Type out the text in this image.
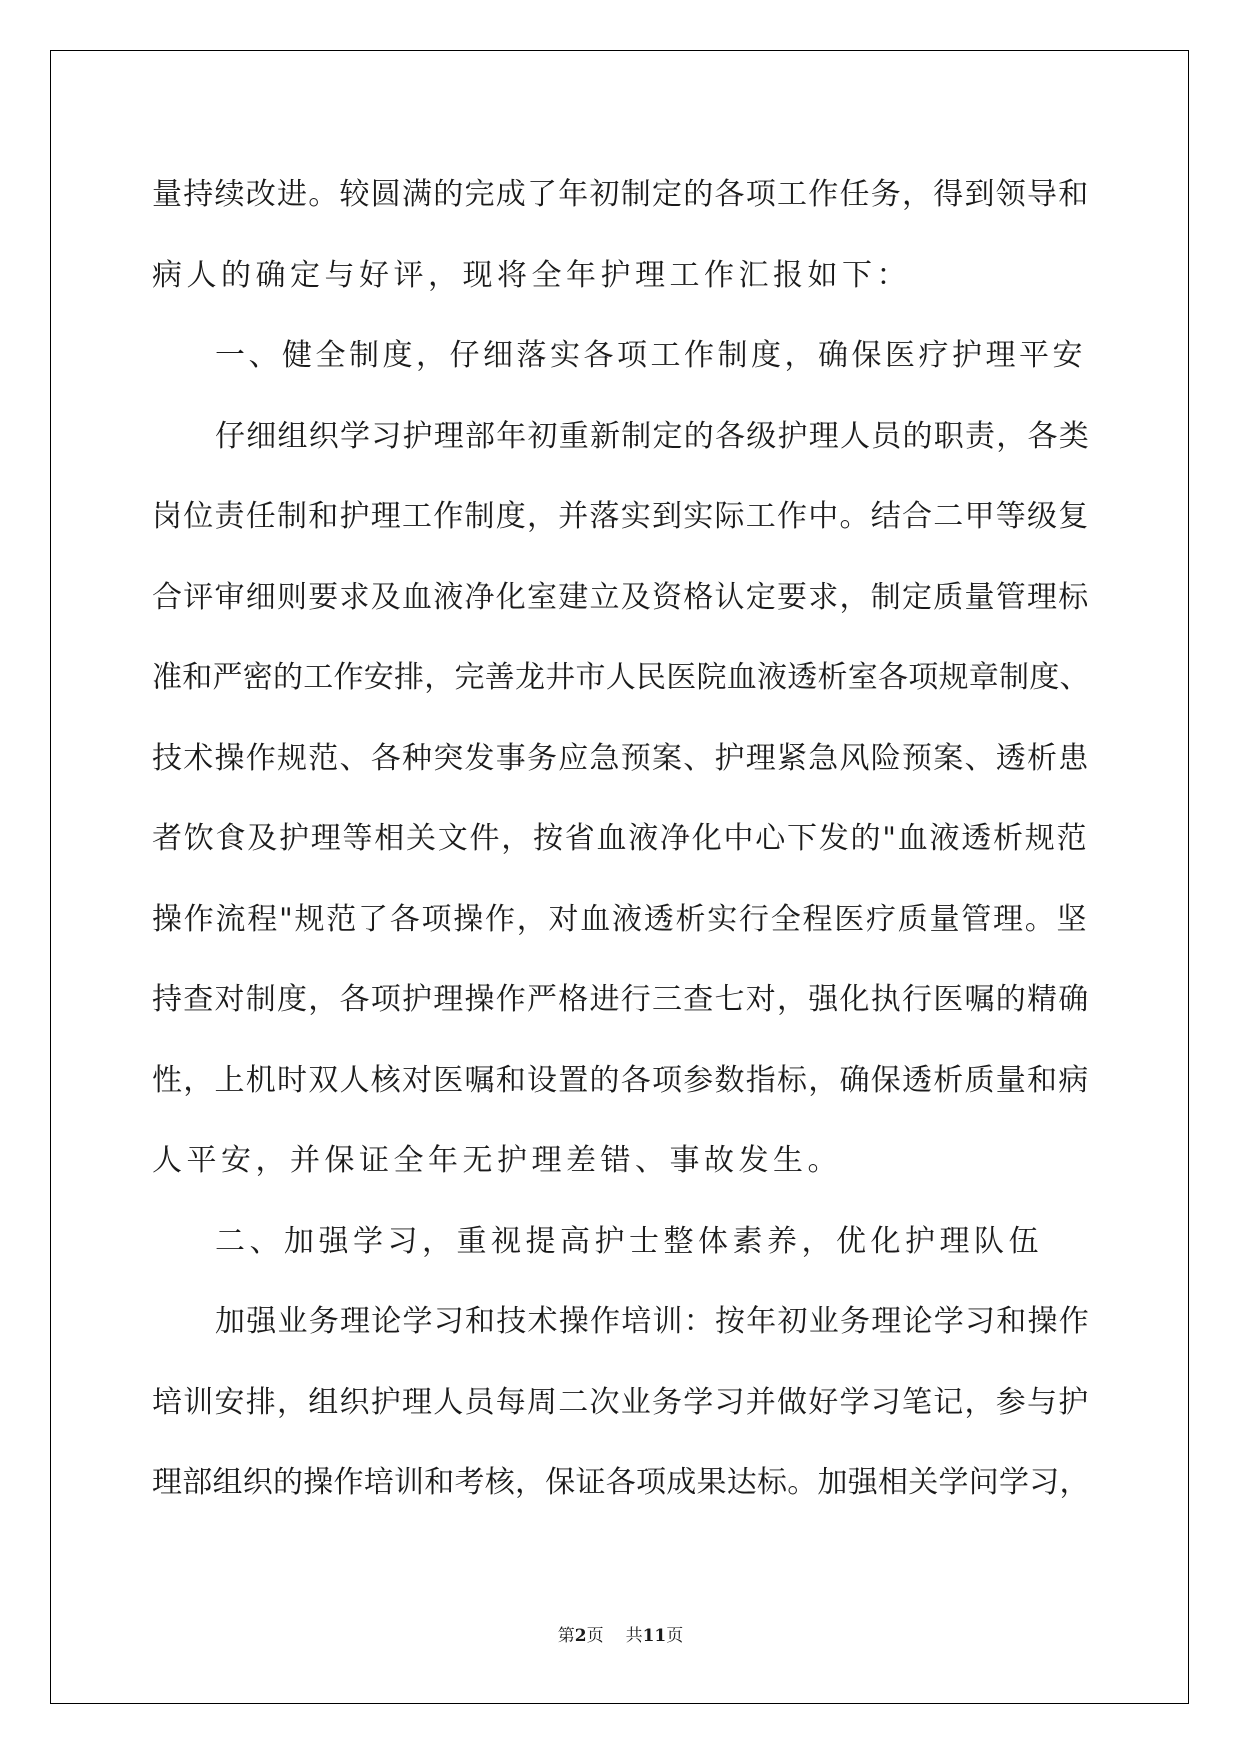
量持续改进。较圆满的完成了年初制定的各项工作任务，得到领导和
病人的确定与好评，现将全年护理工作汇报如下：
一、健全制度，仔细落实各项工作制度，确保医疗护理平安
仔细组织学习护理部年初重新制定的各级护理人员的职责，各类
岗位责任制和护理工作制度，并落实到实际工作中。结合二甲等级复
合评审细则要求及血液净化室建立及资格认定要求，制定质量管理标
准和严密的工作安排，完善龙井市人民医院血液透析室各项规章制度、
技术操作规范、各种突发事务应急预案、护理紧急风险预案、透析患
者饮食及护理等相关文件，按省血液净化中心下发的"血液透析规范
操作流程"规范了各项操作，对血液透析实行全程医疗质量管理。坚
持查对制度，各项护理操作严格进行三查七对，强化执行医嘱的精确
性，上机时双人核对医嘱和设置的各项参数指标，确保透析质量和病
人平安，并保证全年无护理差错、事故发生。
二、加强学习，重视提高护士整体素养，优化护理队伍
加强业务理论学习和技术操作培训：按年初业务理论学习和操作
培训安排，组织护理人员每周二次业务学习并做好学习笔记，参与护
理部组织的操作培训和考核，保证各项成果达标。加强相关学问学习，
第2页 共11页
